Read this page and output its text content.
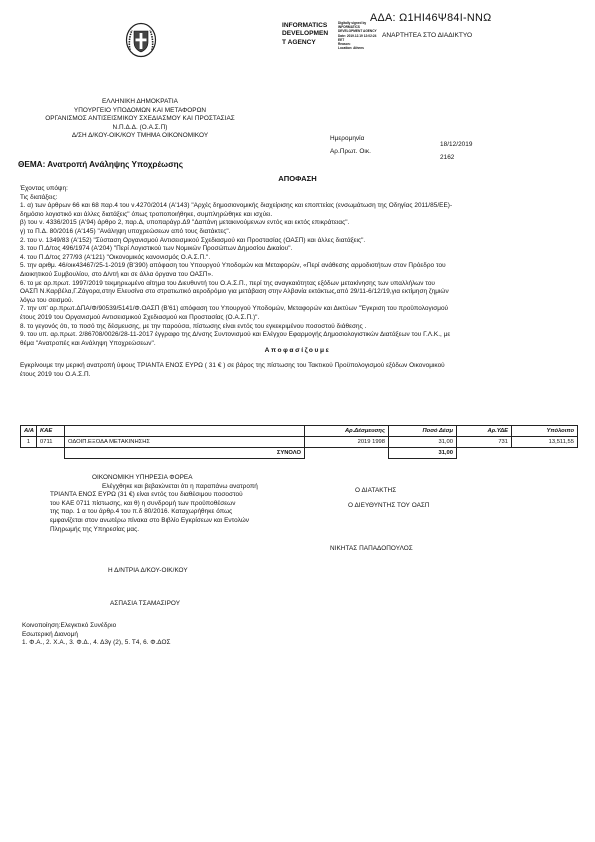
ΑΔΑ: Ω1ΗΙ46Ψ84Ι-ΝΝΩ
INFORMATICS
DEVELOPMEN
T AGENCY
Digitally signed by
INFORMATICS
DEVELOPMENT AGENCY
Date: 2019.12.19 12:02:24
EET
Reason:
Location: Athens
ΑΝΑΡΤΗΤΕΑ ΣΤΟ ΔΙΑΔΙΚΤΥΟ
ΕΛΛΗΝΙΚΗ ΔΗΜΟΚΡΑΤΙΑ
ΥΠΟΥΡΓΕΙΟ ΥΠΟΔΟΜΩΝ ΚΑΙ ΜΕΤΑΦΟΡΩΝ
ΟΡΓΑΝΙΣΜΟΣ ΑΝΤΙΣΕΙΣΜΙΚΟΥ ΣΧΕΔΙΑΣΜΟΥ ΚΑΙ ΠΡΟΣΤΑΣΙΑΣ
Ν.Π.Δ.Δ. (Ο.Α.Σ.Π)
Δ/ΣΗ Δ/ΚΟΥ-ΟΙΚ/ΚΟΥ ΤΜΗΜΑ ΟΙΚΟΝΟΜΙΚΟΥ	Ημερομηνία
Αρ.Πρωτ. Οικ.
18/12/2019
2162
ΘΕΜΑ: Ανατροπή Ανάληψης Υποχρέωσης
ΑΠΟΦΑΣΗ
Έχοντας υπόψη:
Τις διατάξεις:
1. α) των άρθρων 66 και 68 παρ.4 του ν.4270/2014 (Α'143) "Αρχές δημοσιονομικής διαχείρισης και εποπτείας (ενσωμάτωση της Οδηγίας 2011/85/ΕΕ)-
δημόσιο λογιστικό και άλλες διατάξεις" όπως τροποποιήθηκε, συμπληρώθηκε και ισχύει.
β) του ν. 4336/2015 (Α'94) άρθρο 2, παρ.Δ, υποπαράγρ.Δ9 "Δαπάνη μετακινούμενων εντός και εκτός επικράτειας".
γ) το Π.Δ. 80/2016 (Α'145) "Ανάληψη υποχρεώσεων από τους διατάκτες".
2. του ν. 1349/83 (Α'152) "Σύσταση Οργανισμού Αντισεισμικού Σχεδιασμού και Προστασίας (ΟΑΣΠ) και άλλες διατάξεις".
3. του Π.Δ/τος 496/1974 (Α'204) "Περί Λογιστικού των Νομικών Προσώπων Δημοσίου Δικαίου".
4. του Π.Δ/τος 277/93 (Α'121) "Οικονομικός κανονισμός Ο.Α.Σ.Π.".
5. την αριθμ. 46/οικ43467/25-1-2019 (Β'390) απόφαση του Υπουργού Υποδομών και Μεταφορών, «Περί ανάθεσης αρμοδιοτήτων στον Πρόεδρο του
Διοικητικού Συμβουλίου, στο Δ/ντή και σε άλλα όργανα του ΟΑΣΠ».
6. το με αρ.πρωτ. 1997/2019 τεκμηριωμένο αίτημα του Διευθυντή του Ο.Α.Σ.Π., περί της αναγκαιότητας εξόδων μετακίνησης των υπαλλήλων του
ΟΑΣΠ Ν.Καρβέλα,Γ.Ζάγορα,στην Ελευσίνα στο στρατιωτικό αεροδρόμιο για μετάβαση στην Αλβανία εκτάκτως,από 29/11-6/12/19,για εκτίμηση ζημιών
λόγω του σεισμού.
7. την υπ' αρ.πρωτ.ΔΠΑ/Φ/90539/5141/Φ.ΟΑΣΠ (Β'61) απόφαση του Υπουργού Υποδομών, Μεταφορών και Δικτύων "Έγκριση του προϋπολογισμού
έτους 2019 του Οργανισμού Αντισεισμικού Σχεδιασμού και Προστασίας (Ο.Α.Σ.Π.)".
8. το γεγονός ότι, το ποσό της δέσμευσης, με την παρούσα, πίστωσης είναι εντός του εγκεκριμένου ποσοστού διάθεσης .
9. του υπ. αρ.πρωτ. 2/86708/0026/28-11-2017 έγγραφο της Δ/νσης Συντονισμού και Ελέγχου Εφαρμογής Δημοσιολογιστικών Διατάξεων του Γ.Λ.Κ., με
θέμα "Ανατροπές και Ανάληψη Υποχρεώσεων".
Αποφασίζουμε
Εγκρίνουμε την μερική ανατροπή ύψους ΤΡΙΑΝΤΑ ΕΝΟΣ ΕΥΡΩ ( 31 € ) σε βάρος της πίστωσης του Τακτικού Προϋπολογισμού εξόδων Οικονομικού
έτους 2019 του Ο.Α.Σ.Π.
Α/Α	ΚΑΕ		Αρ.Δέσμευσης	Ποσό Δέσμ	Αρ.ΥΔΕ	Υπόλοιπο
1	0711	ΟΔΟΙΠ.ΕΞΟΔΑ ΜΕΤΑΚΙΝΗΣΗΣ	2019 1998	31,00	731	13,511,55
		ΣΥΝΟΛΟ		31,00		
ΟΙΚΟΝΟΜΙΚΗ ΥΠΗΡΕΣΙΑ ΦΟΡΕΑ
Ελέγχθηκε και βεβαιώνεται ότι η παραπάνω ανατροπή
ΤΡΙΑΝΤΑ ΕΝΟΣ ΕΥΡΩ (31 €) είναι εντός του διαθέσιμου ποσοστού
του ΚΑΕ 0711 πίστωσης, και θ) η συνδρομή των προϋποθέσεων
της παρ. 1 α του άρθρ.4 του π.δ 80/2016. Καταχωρήθηκε όπως
εμφανίζεται στον ανωτέρω πίνακα στο Βιβλίο Εγκρίσεων και Εντολών
Πληρωμής της Υπηρεσίας μας.
Ο ΔΙΑΤΑΚΤΗΣ
Ο ΔΙΕΥΘΥΝΤΗΣ ΤΟΥ ΟΑΣΠ
ΝΙΚΗΤΑΣ ΠΑΠΑΔΟΠΟΥΛΟΣ
Η Δ/ΝΤΡΙΑ Δ/ΚΟΥ-ΟΙΚ/ΚΟΥ
ΑΣΠΑΣΙΑ ΤΣΑΜΑΣΙΡΟΥ
Κοινοποίηση:Ελεγκτικό Συνέδριο
Εσωτερική Διανομή
1. Φ.Α., 2. Χ.Α., 3. Φ.Δ., 4. Δ3γ (2), 5. Τ4, 6. Φ.ΔΟΣ
